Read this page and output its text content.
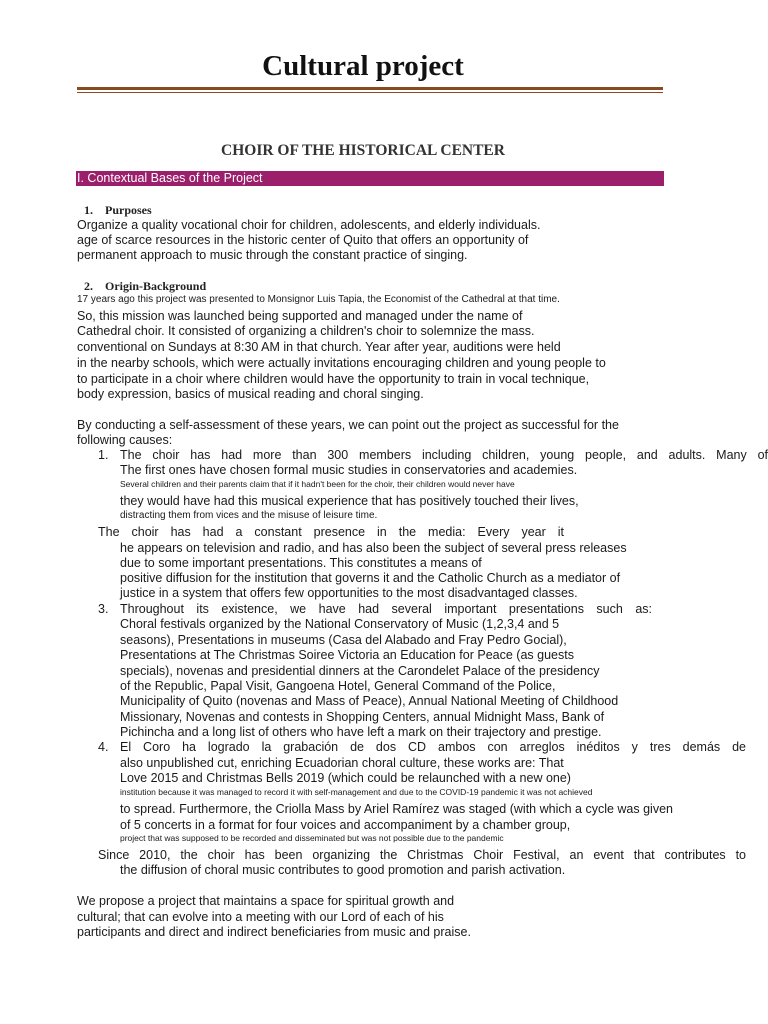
Cultural project
CHOIR OF THE HISTORICAL CENTER
I. Contextual Bases of the Project
1. Purposes
Organize a quality vocational choir for children, adolescents, and elderly individuals.
age of scarce resources in the historic center of Quito that offers an opportunity of
permanent approach to music through the constant practice of singing.
2. Origin-Background
17 years ago this project was presented to Monsignor Luis Tapia, the Economist of the Cathedral at that time.
So, this mission was launched being supported and managed under the name of
Cathedral choir. It consisted of organizing a children's choir to solemnize the mass.
conventional on Sundays at 8:30 AM in that church. Year after year, auditions were held
in the nearby schools, which were actually invitations encouraging children and young people to
to participate in a choir where children would have the opportunity to train in vocal technique,
body expression, basics of musical reading and choral singing.
By conducting a self-assessment of these years, we can point out the project as successful for the
following causes:
1. The choir has had more than 300 members including children, young people, and adults. Many of
The first ones have chosen formal music studies in conservatories and academies.
Several children and their parents claim that if it hadn't been for the choir, their children would never have
they would have had this musical experience that has positively touched their lives,
distracting them from vices and the misuse of leisure time.
The choir has had a constant presence in the media: Every year it
he appears on television and radio, and has also been the subject of several press releases
due to some important presentations. This constitutes a means of
positive diffusion for the institution that governs it and the Catholic Church as a mediator of
justice in a system that offers few opportunities to the most disadvantaged classes.
3. Throughout its existence, we have had several important presentations such as:
Choral festivals organized by the National Conservatory of Music (1,2,3,4 and 5
seasons), Presentations in museums (Casa del Alabado and Fray Pedro Gocial),
Presentations at The Christmas Soiree Victoria an Education for Peace (as guests
specials), novenas and presidential dinners at the Carondelet Palace of the presidency
of the Republic, Papal Visit, Gangoena Hotel, General Command of the Police,
Municipality of Quito (novenas and Mass of Peace), Annual National Meeting of Childhood
Missionary, Novenas and contests in Shopping Centers, annual Midnight Mass, Bank of
Pichincha and a long list of others who have left a mark on their trajectory and prestige.
4. El Coro ha logrado la grabación de dos CD ambos con arreglos inéditos y tres demás de
also unpublished cut, enriching Ecuadorian choral culture, these works are: That
Love 2015 and Christmas Bells 2019 (which could be relaunched with a new one)
institution because it was managed to record it with self-management and due to the COVID-19 pandemic it was not achieved
to spread. Furthermore, the Criolla Mass by Ariel Ramírez was staged (with which a cycle was given
of 5 concerts in a format for four voices and accompaniment by a chamber group,
project that was supposed to be recorded and disseminated but was not possible due to the pandemic
Since 2010, the choir has been organizing the Christmas Choir Festival, an event that contributes to
the diffusion of choral music contributes to good promotion and parish activation.
We propose a project that maintains a space for spiritual growth and
cultural; that can evolve into a meeting with our Lord of each of his
participants and direct and indirect beneficiaries from music and praise.
